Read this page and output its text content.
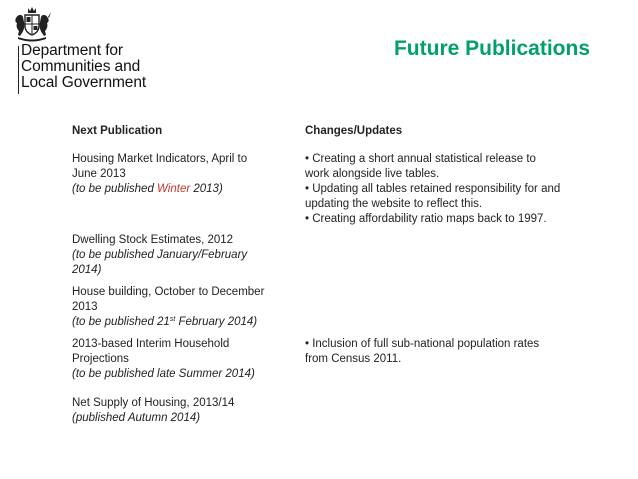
Department for
Communities and
Local Government
Future Publications
Next Publication	Changes/Updates
Housing Market Indicators, April to
June 2013
(to be published Winter 2013)
• Creating a short annual statistical release to
work alongside live tables.
• Updating all tables retained responsibility for and
updating the website to reflect this.
• Creating affordability ratio maps back to 1997.
Dwelling Stock Estimates, 2012
(to be published January/February
2014)
House building, October to December
2013
(to be published 21st February 2014)
2013-based Interim Household
Projections
(to be published late Summer 2014)
• Inclusion of full sub-national population rates
from Census 2011.
Net Supply of Housing, 2013/14
(published Autumn 2014)
